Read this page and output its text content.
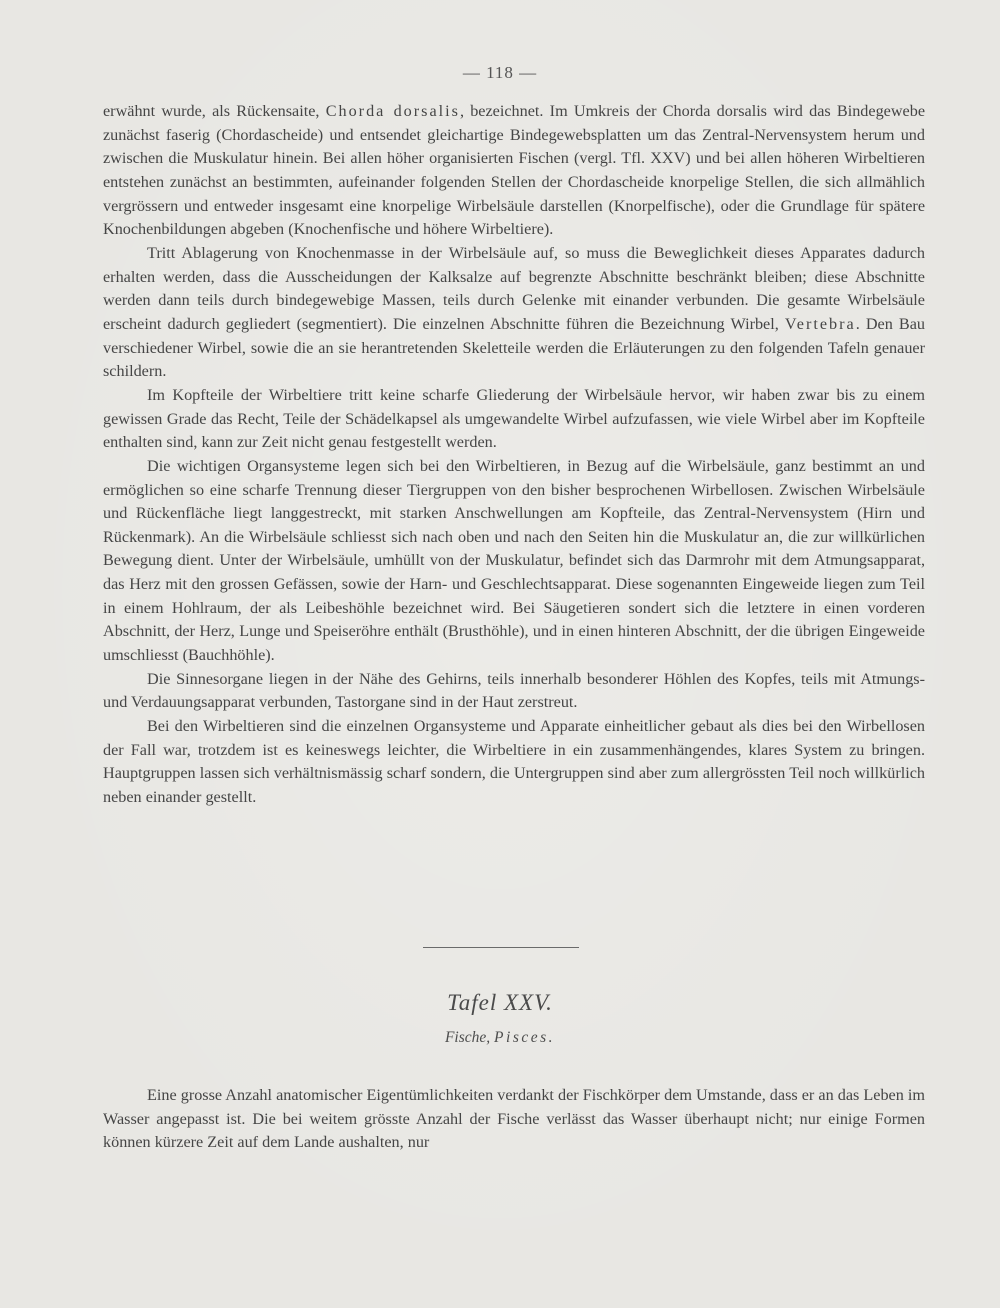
— 118 —

erwähnt wurde, als Rückensaite, Chorda dorsalis, bezeichnet. Im Umkreis der Chorda dorsalis wird das Bindegewebe zunächst faserig (Chordascheide) und entsendet gleichartige Bindegewebsplatten um das Zentral-Nervensystem herum und zwischen die Muskulatur hinein. Bei allen höher organisierten Fischen (vergl. Tfl. XXV) und bei allen höheren Wirbeltieren entstehen zunächst an bestimmten, aufeinander folgenden Stellen der Chordascheide knorpelige Stellen, die sich allmählich vergrössern und entweder insgesamt eine knorpelige Wirbelsäule darstellen (Knorpelfische), oder die Grundlage für spätere Knochenbildungen abgeben (Knochenfische und höhere Wirbeltiere).

Tritt Ablagerung von Knochenmasse in der Wirbelsäule auf, so muss die Beweglichkeit dieses Apparates dadurch erhalten werden, dass die Ausscheidungen der Kalksalze auf begrenzte Abschnitte beschränkt bleiben; diese Abschnitte werden dann teils durch bindegewebige Massen, teils durch Gelenke mit einander verbunden. Die gesamte Wirbelsäule erscheint dadurch gegliedert (segmentiert). Die einzelnen Abschnitte führen die Bezeichnung Wirbel, Vertebra. Den Bau verschiedener Wirbel, sowie die an sie herantretenden Skeletteile werden die Erläuterungen zu den folgenden Tafeln genauer schildern.

Im Kopfteile der Wirbeltiere tritt keine scharfe Gliederung der Wirbelsäule hervor, wir haben zwar bis zu einem gewissen Grade das Recht, Teile der Schädelkapsel als umgewandelte Wirbel aufzufassen, wie viele Wirbel aber im Kopfteile enthalten sind, kann zur Zeit nicht genau festgestellt werden.

Die wichtigen Organsysteme legen sich bei den Wirbeltieren, in Bezug auf die Wirbelsäule, ganz bestimmt an und ermöglichen so eine scharfe Trennung dieser Tiergruppen von den bisher besprochenen Wirbellosen. Zwischen Wirbelsäule und Rückenfläche liegt langgestreckt, mit starken Anschwellungen am Kopfteile, das Zentral-Nervensystem (Hirn und Rückenmark). An die Wirbelsäule schliesst sich nach oben und nach den Seiten hin die Muskulatur an, die zur willkürlichen Bewegung dient. Unter der Wirbelsäule, umhüllt von der Muskulatur, befindet sich das Darmrohr mit dem Atmungsapparat, das Herz mit den grossen Gefässen, sowie der Harn- und Geschlechtsapparat. Diese sogenannten Eingeweide liegen zum Teil in einem Hohlraum, der als Leibeshöhle bezeichnet wird. Bei Säugetieren sondert sich die letztere in einen vorderen Abschnitt, der Herz, Lunge und Speiseröhre enthält (Brusthöhle), und in einen hinteren Abschnitt, der die übrigen Eingeweide umschliesst (Bauchhöhle).

Die Sinnesorgane liegen in der Nähe des Gehirns, teils innerhalb besonderer Höhlen des Kopfes, teils mit Atmungs- und Verdauungsapparat verbunden, Tastorgane sind in der Haut zerstreut.

Bei den Wirbeltieren sind die einzelnen Organsysteme und Apparate einheitlicher gebaut als dies bei den Wirbellosen der Fall war, trotzdem ist es keineswegs leichter, die Wirbeltiere in ein zusammenhängendes, klares System zu bringen. Hauptgruppen lassen sich verhältnismässig scharf sondern, die Untergruppen sind aber zum allergrössten Teil noch willkürlich neben einander gestellt.

Tafel XXV.
Fische, Pisces.

Eine grosse Anzahl anatomischer Eigentümlichkeiten verdankt der Fischkörper dem Umstande, dass er an das Leben im Wasser angepasst ist. Die bei weitem grösste Anzahl der Fische verlässt das Wasser überhaupt nicht; nur einige Formen können kürzere Zeit auf dem Lande aushalten, nur
